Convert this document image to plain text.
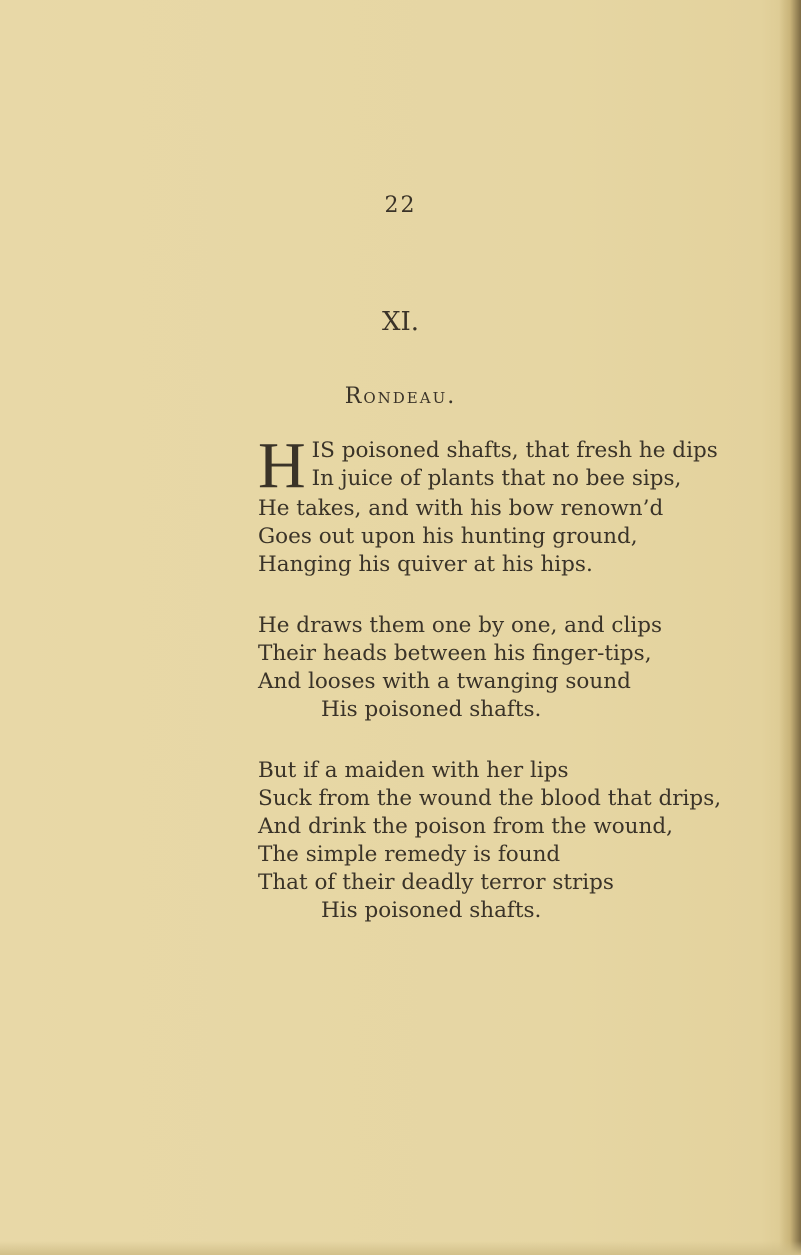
22
XI.
Rondeau.
H IS poisoned shafts, that fresh he dips
In juice of plants that no bee sips,
He takes, and with his bow renown’d
Goes out upon his hunting ground,
Hanging his quiver at his hips.
He draws them one by one, and clips
Their heads between his finger-tips,
And looses with a twanging sound
His poisoned shafts.
But if a maiden with her lips
Suck from the wound the blood that drips,
And drink the poison from the wound,
The simple remedy is found
That of their deadly terror strips
His poisoned shafts.
